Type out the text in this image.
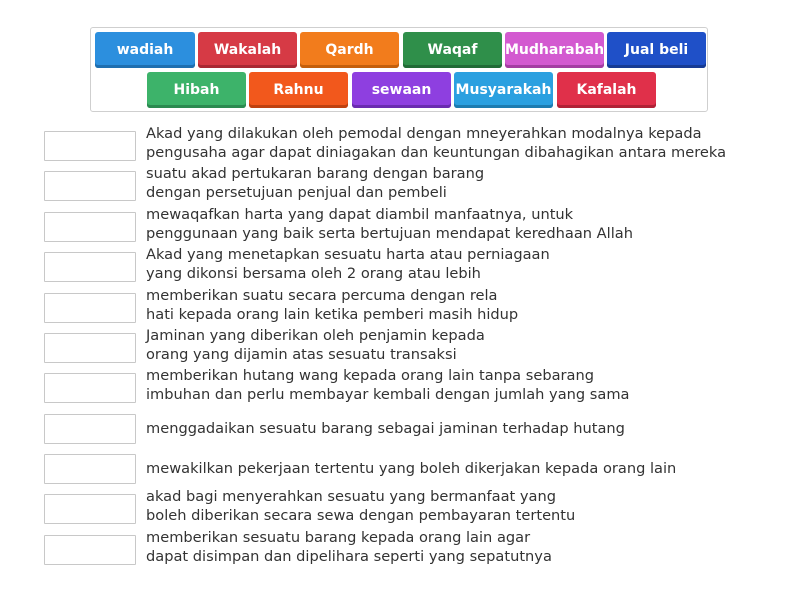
wadiah	Wakalah	Qardh	Waqaf	Mudharabah	Jual beli
Hibah	Rahnu	sewaan	Musyarakah	Kafalah
Akad yang dilakukan oleh pemodal dengan mneyerahkan modalnya kepada
pengusaha agar dapat diniagakan dan keuntungan dibahagikan antara mereka
suatu akad pertukaran barang dengan barang
dengan persetujuan penjual dan pembeli
mewaqafkan harta yang dapat diambil manfaatnya, untuk
penggunaan yang baik serta bertujuan mendapat keredhaan Allah
Akad yang menetapkan sesuatu harta atau perniagaan
yang dikonsi bersama oleh 2 orang atau lebih
memberikan suatu secara percuma dengan rela
hati kepada orang lain ketika pemberi masih hidup
Jaminan yang diberikan oleh penjamin kepada
orang yang dijamin atas sesuatu transaksi
memberikan hutang wang kepada orang lain tanpa sebarang
imbuhan dan perlu membayar kembali dengan jumlah yang sama
menggadaikan sesuatu barang sebagai jaminan terhadap hutang
mewakilkan pekerjaan tertentu yang boleh dikerjakan kepada orang lain
akad bagi menyerahkan sesuatu yang bermanfaat yang
boleh diberikan secara sewa dengan pembayaran tertentu
memberikan sesuatu barang kepada orang lain agar
dapat disimpan dan dipelihara seperti yang sepatutnya
